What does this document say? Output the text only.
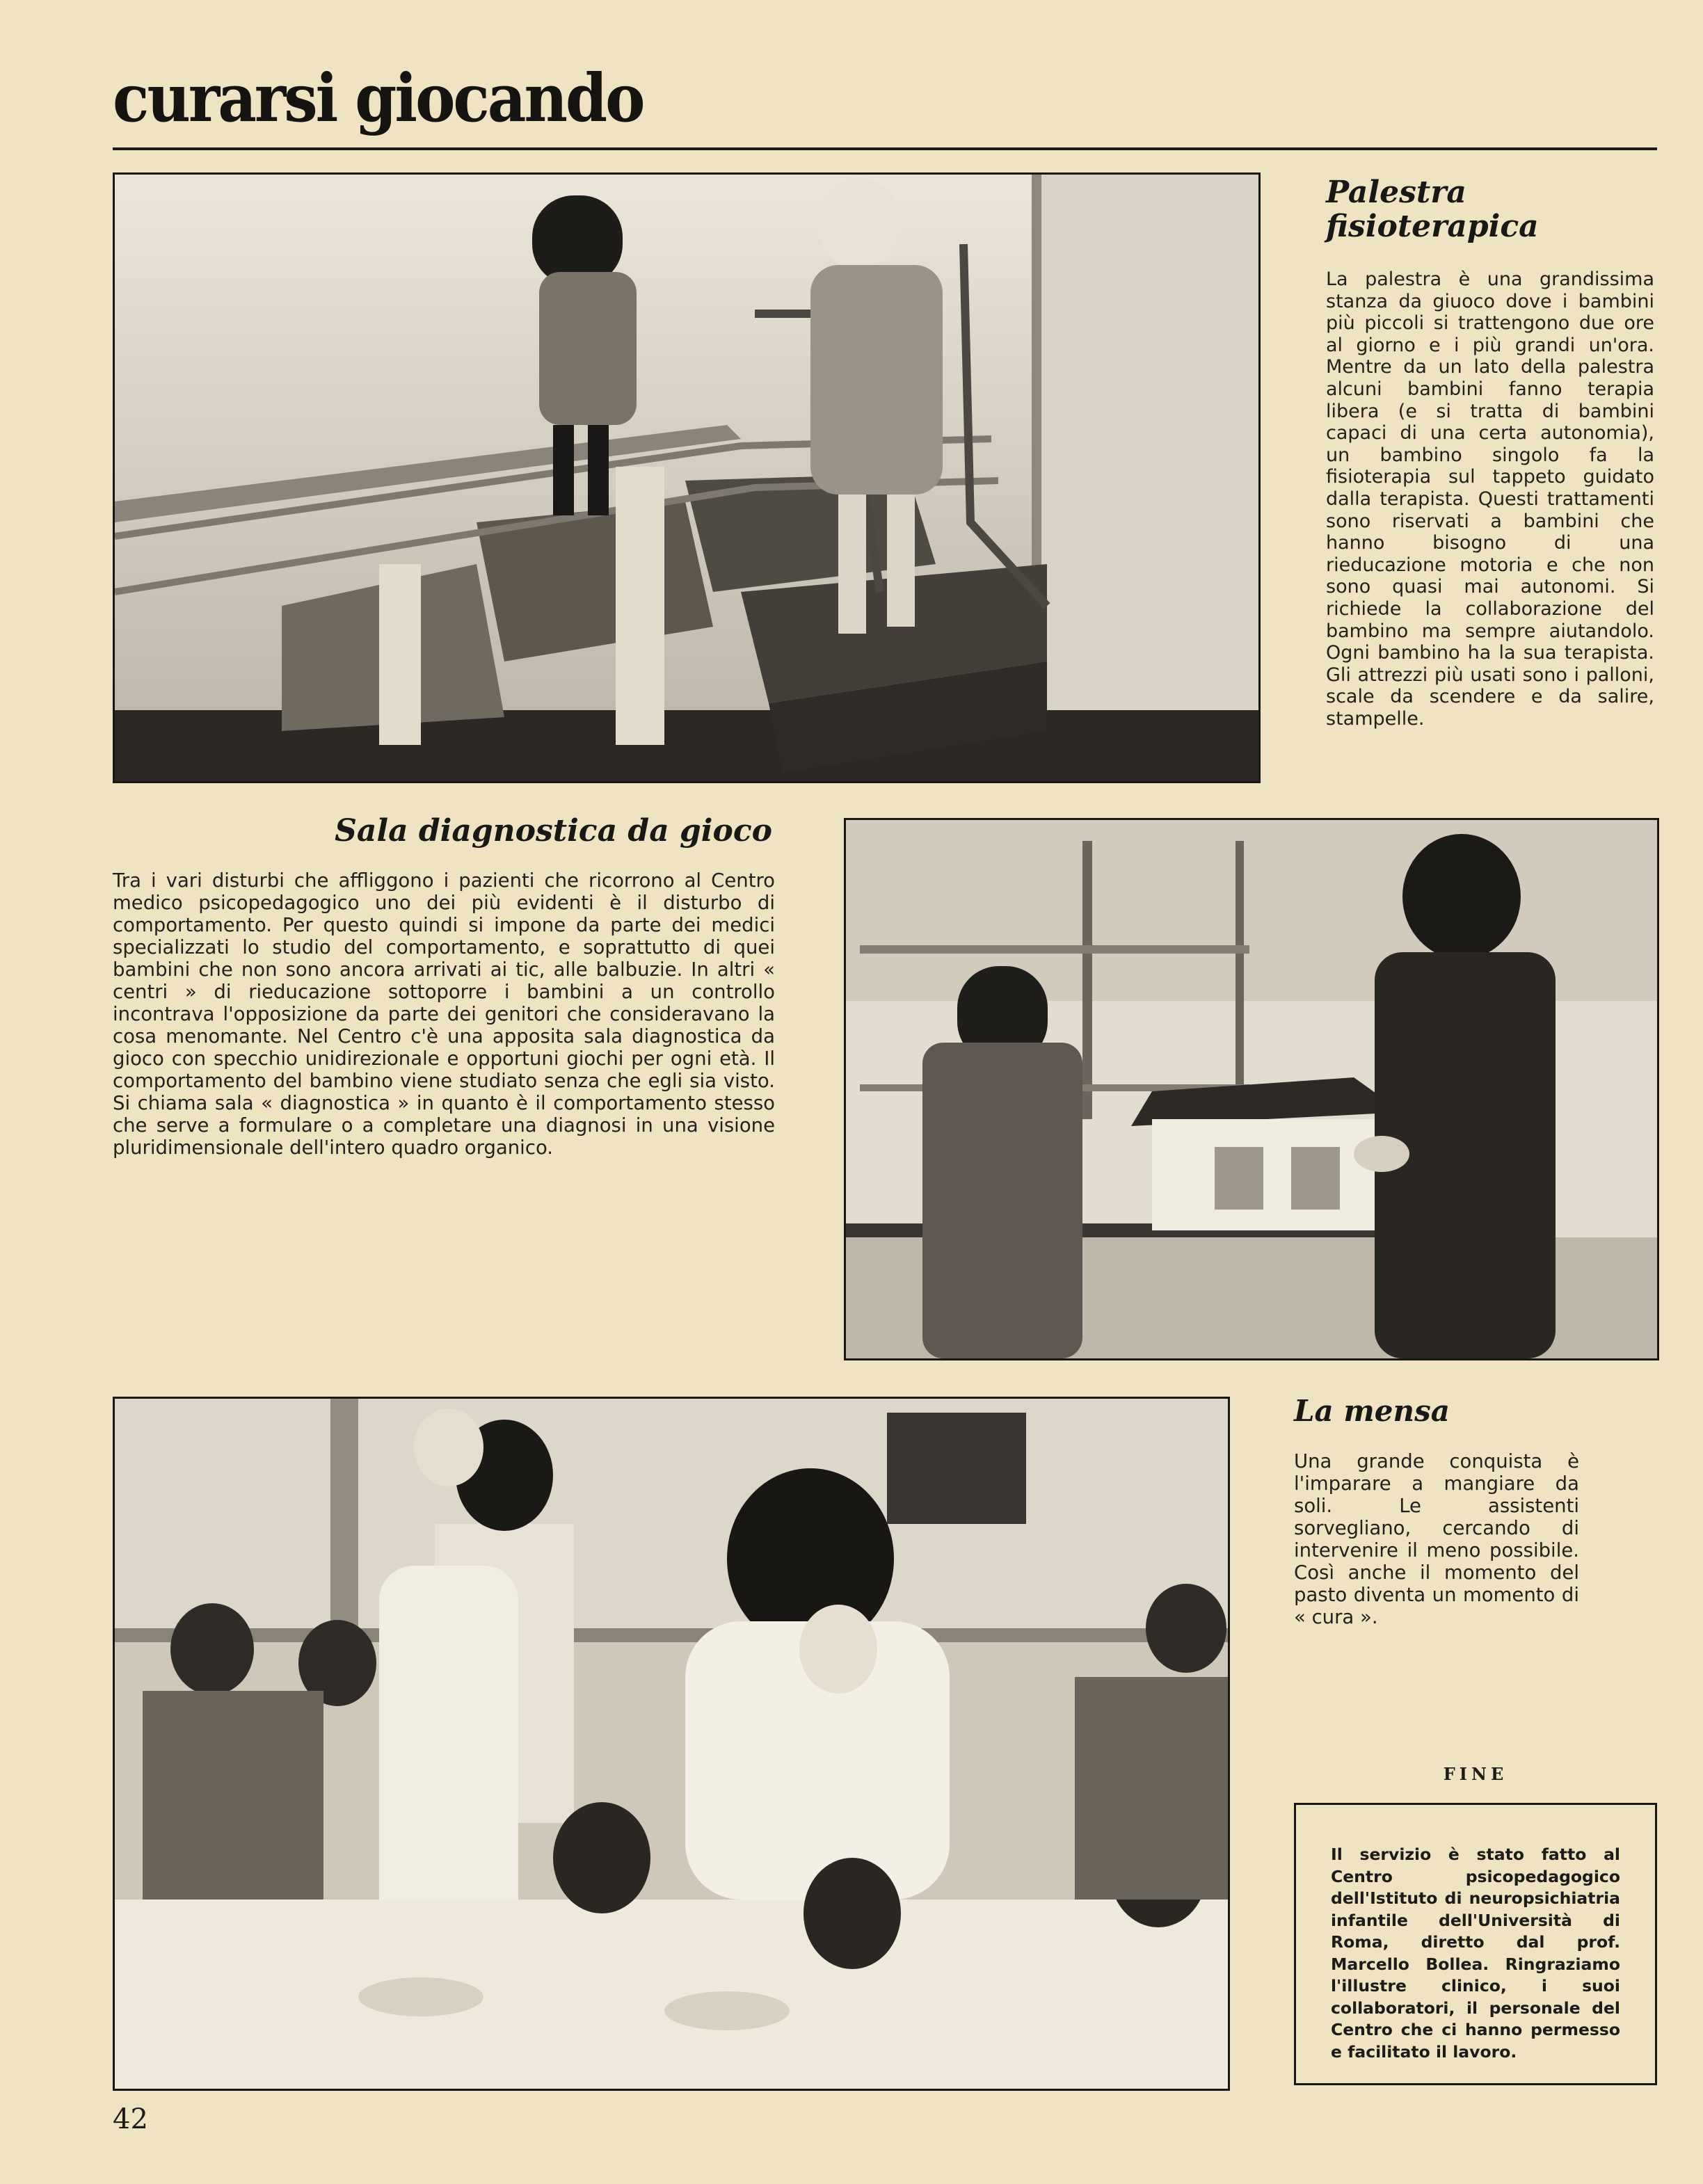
curarsi giocando
Palestra fisioterapica

La palestra è una grandissima stanza da giuoco dove i bambini più piccoli si trattengono due ore al giorno e i più grandi un'ora. Mentre da un lato della palestra alcuni bambini fanno terapia libera (e si tratta di bambini capaci di una certa autonomia), un bambino singolo fa la fisioterapia sul tappeto guidato dalla terapista. Questi trattamenti sono riservati a bambini che hanno bisogno di una rieducazione motoria e che non sono quasi mai autonomi. Si richiede la collaborazione del bambino ma sempre aiutandolo. Ogni bambino ha la sua terapista. Gli attrezzi più usati sono i palloni, scale da scendere e da salire, stampelle.

Sala diagnostica da gioco

Tra i vari disturbi che affliggono i pazienti che ricorrono al Centro medico psicopedagogico uno dei più evidenti è il disturbo di comportamento. Per questo quindi si impone da parte dei medici specializzati lo studio del comportamento, e soprattutto di quei bambini che non sono ancora arrivati ai tic, alle balbuzie. In altri « centri » di rieducazione sottoporre i bambini a un controllo incontrava l'opposizione da parte dei genitori che consideravano la cosa menomante. Nel Centro c'è una apposita sala diagnostica da gioco con specchio unidirezionale e opportuni giochi per ogni età. Il comportamento del bambino viene studiato senza che egli sia visto. Si chiama sala « diagnostica » in quanto è il comportamento stesso che serve a formulare o a completare una diagnosi in una visione pluridimensionale dell'intero quadro organico.

La mensa

Una grande conquista è l'imparare a mangiare da soli. Le assistenti sorvegliano, cercando di intervenire il meno possibile. Così anche il momento del pasto diventa un momento di « cura ».

FINE

Il servizio è stato fatto al Centro psicopedagogico dell'Istituto di neuropsichiatria infantile dell'Università di Roma, diretto dal prof. Marcello Bollea. Ringraziamo l'illustre clinico, i suoi collaboratori, il personale del Centro che ci hanno permesso e facilitato il lavoro.

42
